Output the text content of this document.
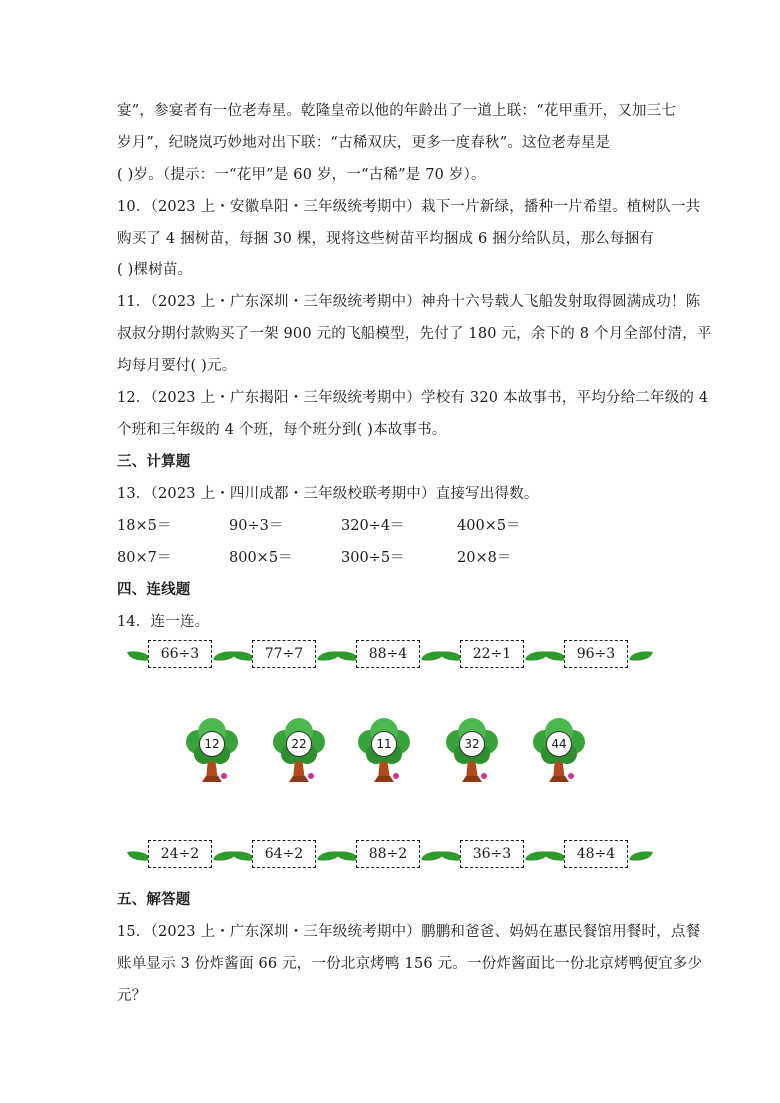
宴”，参宴者有一位老寿星。乾隆皇帝以他的年龄出了一道上联：“花甲重开，又加三七
岁月”，纪晓岚巧妙地对出下联：“古稀双庆，更多一度春秋”。这位老寿星是
( )岁。（提示：一“花甲”是 60 岁，一“古稀”是 70 岁）。
10．（2023 上・安徽阜阳・三年级统考期中）栽下一片新绿，播种一片希望。植树队一共
购买了 4 捆树苗，每捆 30 棵，现将这些树苗平均捆成 6 捆分给队员，那么每捆有
( )棵树苗。
11．（2023 上・广东深圳・三年级统考期中）神舟十六号载人飞船发射取得圆满成功！陈
叔叔分期付款购买了一架 900 元的飞船模型，先付了 180 元，余下的 8 个月全部付清，平
均每月要付( )元。
12．（2023 上・广东揭阳・三年级统考期中）学校有 320 本故事书，平均分给二年级的 4
个班和三年级的 4 个班，每个班分到( )本故事书。
三、计算题
13．（2023 上・四川成都・三年级校联考期中）直接写出得数。
18×5＝	90÷3＝	320÷4＝	400×5＝
80×7＝	800×5＝	300÷5＝	20×8＝
四、连线题
14．连一连。
66÷3	77÷7	88÷4	22÷1	96÷3
12	22	11	32	44
24÷2	64÷2	88÷2	36÷3	48÷4
五、解答题
15．（2023 上・广东深圳・三年级统考期中）鹏鹏和爸爸、妈妈在惠民餐馆用餐时，点餐
账单显示 3 份炸酱面 66 元，一份北京烤鸭 156 元。一份炸酱面比一份北京烤鸭便宜多少
元？
